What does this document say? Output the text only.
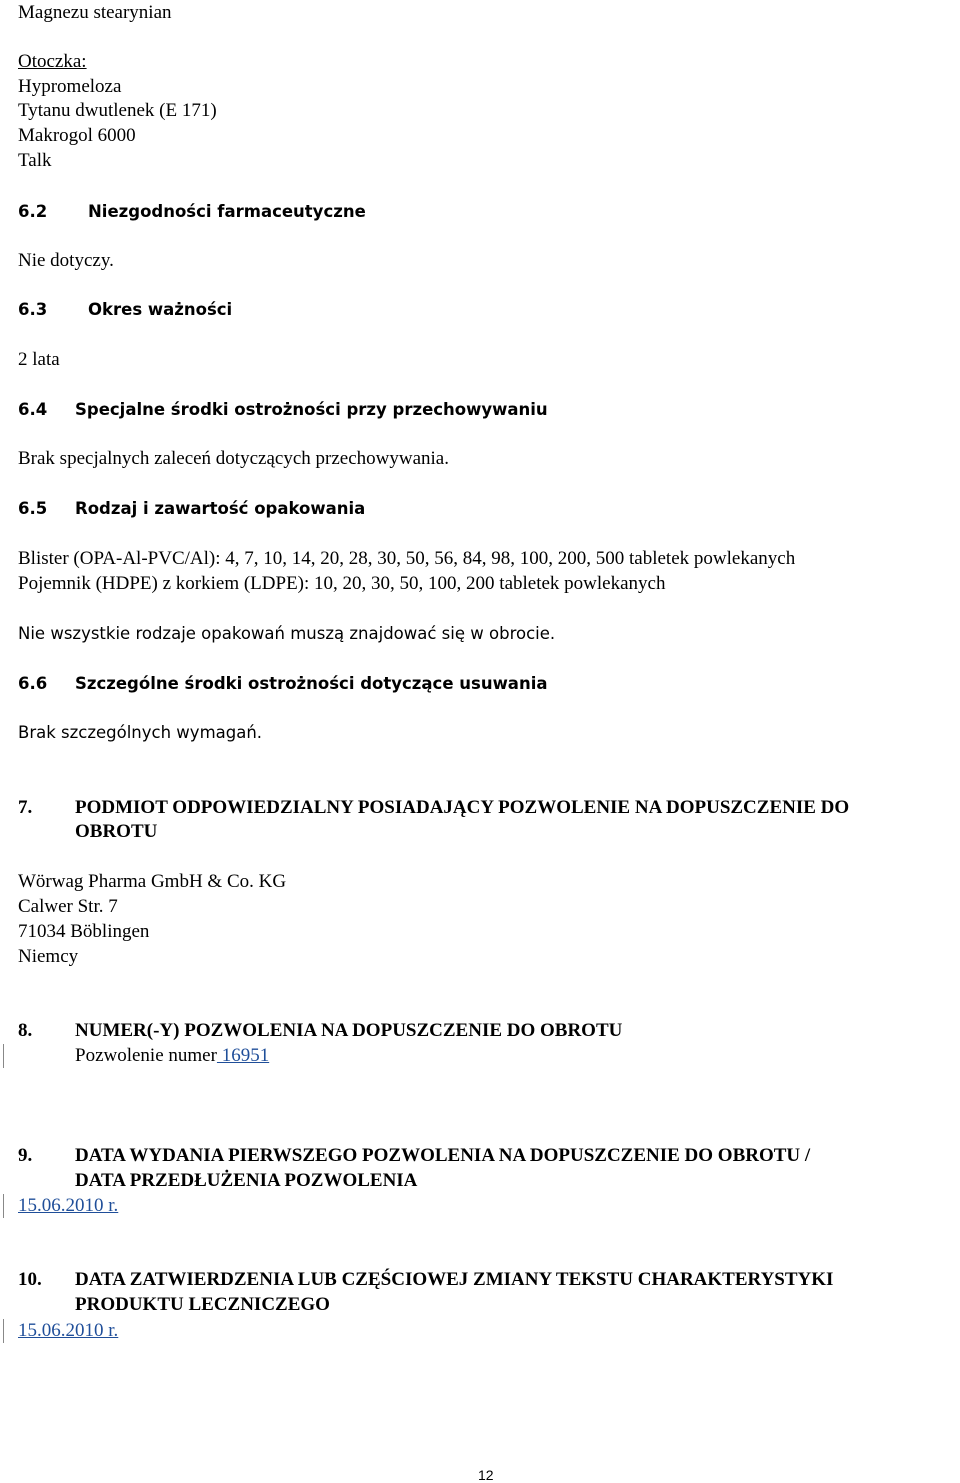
Magnezu stearynian

Otoczka:

Hypromeloza

Tytanu dwutlenek (E 171)

Makrogol 6000

Talk

6.2 Niezgodności farmaceutyczne

Nie dotyczy.

6.3 Okres ważności

2 lata

6.4 Specjalne środki ostrożności przy przechowywaniu

Brak specjalnych zaleceń dotyczących przechowywania.

6.5 Rodzaj i zawartość opakowania

Blister (OPA-Al-PVC/Al): 4, 7, 10, 14, 20, 28, 30, 50, 56, 84, 98, 100, 200, 500 tabletek powlekanych

Pojemnik (HDPE) z korkiem (LDPE): 10, 20, 30, 50, 100, 200 tabletek powlekanych

Nie wszystkie rodzaje opakowań muszą znajdować się w obrocie.

6.6 Szczególne środki ostrożności dotyczące usuwania

Brak szczególnych wymagań.

7. PODMIOT ODPOWIEDZIALNY POSIADAJĄCY POZWOLENIE NA DOPUSZCZENIE DO

OBROTU

Wörwag Pharma GmbH & Co. KG

Calwer Str. 7

71034 Böblingen

Niemcy

8. NUMER(-Y) POZWOLENIA NA DOPUSZCZENIE DO OBROTU

Pozwolenie numer 16951

9. DATA WYDANIA PIERWSZEGO POZWOLENIA NA DOPUSZCZENIE DO OBROTU /

DATA PRZEDŁUŻENIA POZWOLENIA

15.06.2010 r.

10. DATA ZATWIERDZENIA LUB CZĘŚCIOWEJ ZMIANY TEKSTU CHARAKTERYSTYKI

PRODUKTU LECZNICZEGO

15.06.2010 r.

12
